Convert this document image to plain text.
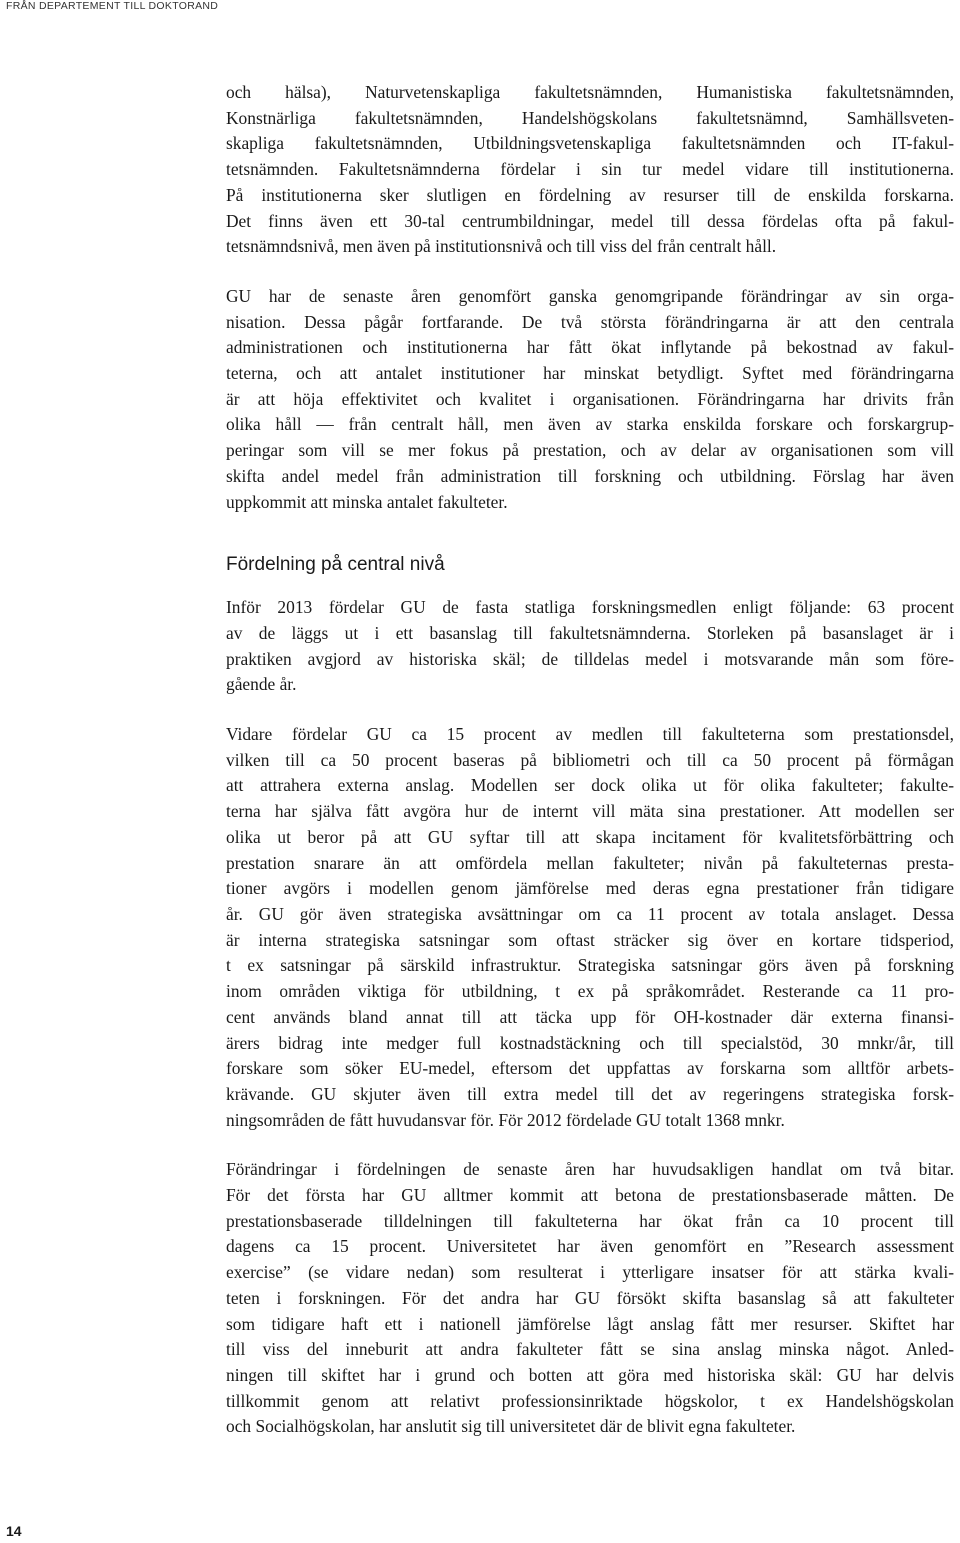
FRÅN DEPARTEMENT TILL DOKTORAND

och hälsa), Naturvetenskapliga fakultetsnämnden, Humanistiska fakultetsnämnden,
Konstnärliga fakultetsnämnden, Handelshögskolans fakultetsnämnd, Samhällsveten-
skapliga fakultetsnämnden, Utbildningsvetenskapliga fakultetsnämnden och IT-fakul-
tetsnämnden. Fakultetsnämnderna fördelar i sin tur medel vidare till institutionerna.
På institutionerna sker slutligen en fördelning av resurser till de enskilda forskarna.
Det finns även ett 30-tal centrumbildningar, medel till dessa fördelas ofta på fakul-
tetsnämndsnivå, men även på institutionsnivå och till viss del från centralt håll.
GU har de senaste åren genomfört ganska genomgripande förändringar av sin orga-
nisation. Dessa pågår fortfarande. De två största förändringarna är att den centrala
administrationen och institutionerna har fått ökat inflytande på bekostnad av fakul-
teterna, och att antalet institutioner har minskat betydligt. Syftet med förändringarna
är att höja effektivitet och kvalitet i organisationen. Förändringarna har drivits från
olika håll — från centralt håll, men även av starka enskilda forskare och forskargrup-
peringar som vill se mer fokus på prestation, och av delar av organisationen som vill
skifta andel medel från administration till forskning och utbildning. Förslag har även
uppkommit att minska antalet fakulteter.
Fördelning på central nivå
Inför 2013 fördelar GU de fasta statliga forskningsmedlen enligt följande: 63 procent
av de läggs ut i ett basanslag till fakultetsnämnderna. Storleken på basanslaget är i
praktiken avgjord av historiska skäl; de tilldelas medel i motsvarande mån som före-
gående år.
Vidare fördelar GU ca 15 procent av medlen till fakulteterna som prestationsdel,
vilken till ca 50 procent baseras på bibliometri och till ca 50 procent på förmågan
att attrahera externa anslag. Modellen ser dock olika ut för olika fakulteter; fakulte-
terna har själva fått avgöra hur de internt vill mäta sina prestationer. Att modellen ser
olika ut beror på att GU syftar till att skapa incitament för kvalitetsförbättring och
prestation snarare än att omfördela mellan fakulteter; nivån på fakulteternas presta-
tioner avgörs i modellen genom jämförelse med deras egna prestationer från tidigare
år. GU gör även strategiska avsättningar om ca 11 procent av totala anslaget. Dessa
är interna strategiska satsningar som oftast sträcker sig över en kortare tidsperiod,
t ex satsningar på särskild infrastruktur. Strategiska satsningar görs även på forskning
inom områden viktiga för utbildning, t ex på språkområdet. Resterande ca 11 pro-
cent används bland annat till att täcka upp för OH-kostnader där externa finansi-
ärers bidrag inte medger full kostnadstäckning och till specialstöd, 30 mnkr/år, till
forskare som söker EU-medel, eftersom det uppfattas av forskarna som alltför arbets-
krävande. GU skjuter även till extra medel till det av regeringens strategiska forsk-
ningsområden de fått huvudansvar för. För 2012 fördelade GU totalt 1368 mnkr.
Förändringar i fördelningen de senaste åren har huvudsakligen handlat om två bitar.
För det första har GU alltmer kommit att betona de prestationsbaserade måtten. De
prestationsbaserade tilldelningen till fakulteterna har ökat från ca 10 procent till
dagens ca 15 procent. Universitetet har även genomfört en ”Research assessment
exercise” (se vidare nedan) som resulterat i ytterligare insatser för att stärka kvali-
teten i forskningen. För det andra har GU försökt skifta basanslag så att fakulteter
som tidigare haft ett i nationell jämförelse lågt anslag fått mer resurser. Skiftet har
till viss del inneburit att andra fakulteter fått se sina anslag minska något. Anled-
ningen till skiftet har i grund och botten att göra med historiska skäl: GU har delvis
tillkommit genom att relativt professionsinriktade högskolor, t ex Handelshögskolan
och Socialhögskolan, har anslutit sig till universitetet där de blivit egna fakulteter.
14
